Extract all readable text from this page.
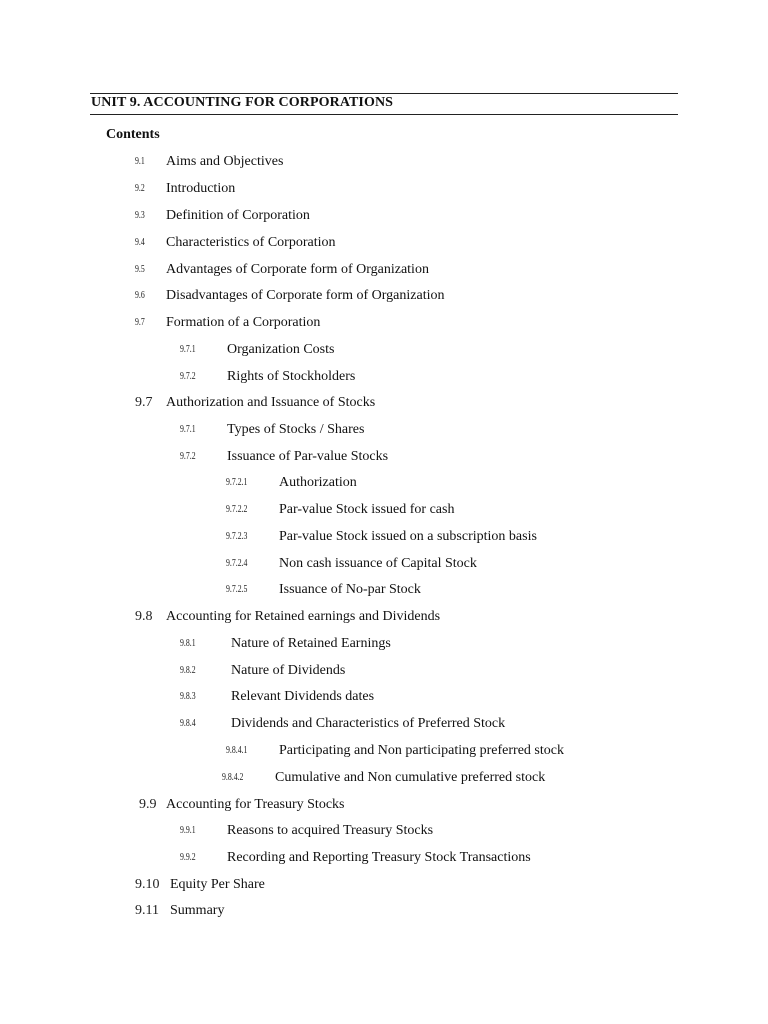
UNIT 9. ACCOUNTING FOR CORPORATIONS
Contents
9.1 Aims and Objectives
9.2 Introduction
9.3 Definition of Corporation
9.4 Characteristics of Corporation
9.5 Advantages of Corporate form of Organization
9.6 Disadvantages of Corporate form of Organization
9.7 Formation of a Corporation
9.7.1 Organization Costs
9.7.2 Rights of Stockholders
9.7 Authorization and Issuance of Stocks
9.7.1 Types of Stocks / Shares
9.7.2 Issuance of Par-value Stocks
9.7.2.1 Authorization
9.7.2.2 Par-value Stock issued for cash
9.7.2.3 Par-value Stock issued on a subscription basis
9.7.2.4 Non cash issuance of Capital Stock
9.7.2.5 Issuance of No-par Stock
9.8 Accounting for Retained earnings and Dividends
9.8.1	Nature of Retained Earnings
9.8.2	Nature of Dividends
9.8.3	Relevant Dividends dates
9.8.4	Dividends and Characteristics of Preferred Stock
9.8.4.1 Participating and Non participating preferred stock
9.8.4.2 Cumulative and Non cumulative preferred stock
9.9 Accounting for Treasury Stocks
9.9.1 Reasons to acquired Treasury Stocks
9.9.2 Recording and Reporting Treasury Stock Transactions
9.10 Equity Per Share
9.11 Summary
